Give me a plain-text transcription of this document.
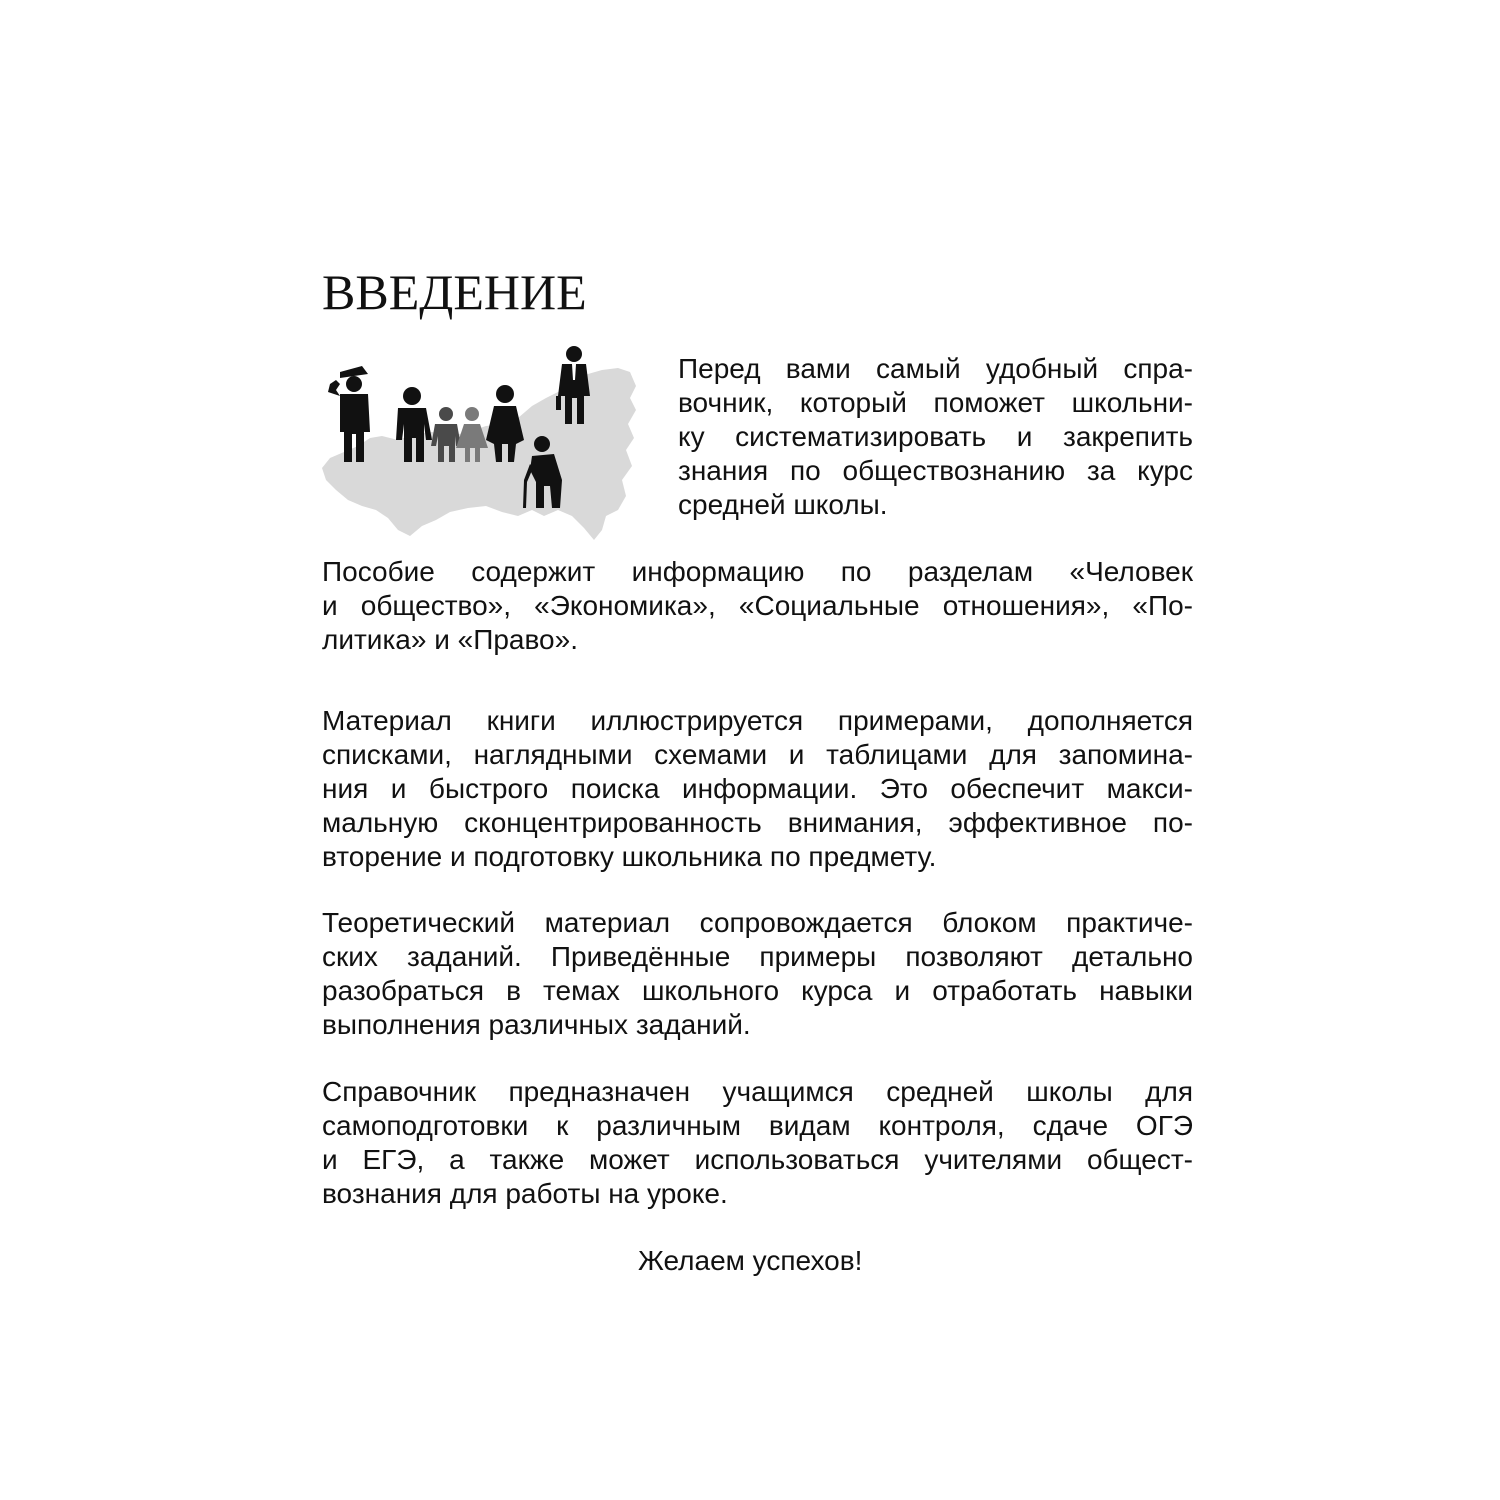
ВВЕДЕНИЕ
Перед вами самый удобный спра-
вочник, который поможет школьни-
ку систематизировать и закрепить
знания по обществознанию за курс
средней школы.
Пособие содержит информацию по разделам «Человек
и общество», «Экономика», «Социальные отношения», «По-
литика» и «Право».
Материал книги иллюстрируется примерами, дополняется
списками, наглядными схемами и таблицами для запомина-
ния и быстрого поиска информации. Это обеспечит макси-
мальную сконцентрированность внимания, эффективное по-
вторение и подготовку школьника по предмету.
Теоретический материал сопровождается блоком практиче-
ских заданий. Приведённые примеры позволяют детально
разобраться в темах школьного курса и отработать навыки
выполнения различных заданий.
Справочник предназначен учащимся средней школы для
самоподготовки к различным видам контроля, сдаче ОГЭ
и ЕГЭ, а также может использоваться учителями общест-
вознания для работы на уроке.
Желаем успехов!
